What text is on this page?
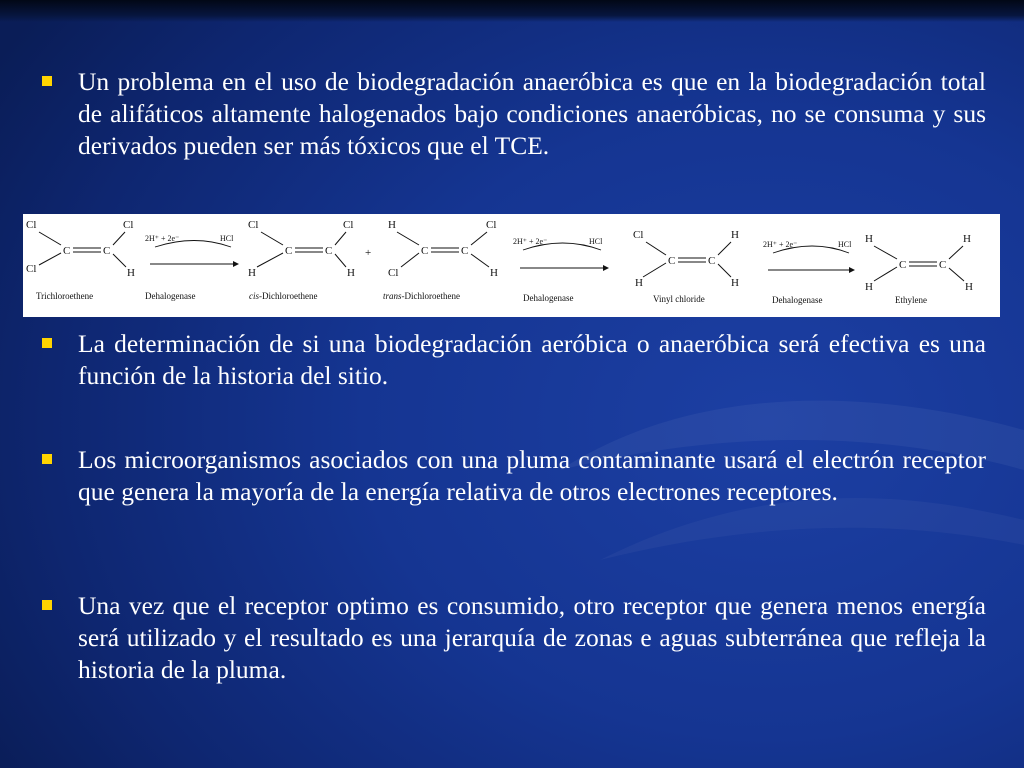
Un problema en el uso de biodegradación anaeróbica es que en la biodegradación total de alifáticos altamente halogenados bajo condiciones anaeróbicas, no se consuma y sus derivados pueden ser más tóxicos que el TCE.
Cl
Cl
Cl
H
C	C
2H⁺ + 2e⁻	HCl
Cl
H
Cl
H
C	C	+
H
Cl
Cl
H
C	C
2H⁺ + 2e⁻	HCl
Cl
H
H
H
C	C
2H⁺ + 2e⁻	HCl H
H
H
H
C	C
Trichloroethene	Dehalogenase	cis-Dichloroethene	trans-Dichloroethene	Dehalogenase	Vinyl chloride	Dehalogenase	Ethylene
La determinación de si una biodegradación aeróbica o anaeróbica será efectiva es una función de la historia del sitio.
Los microorganismos asociados con una pluma contaminante usará el electrón receptor que genera la mayoría de la energía relativa de otros electrones receptores.
Una vez que el receptor optimo es consumido, otro receptor que genera menos energía será utilizado y el resultado es una jerarquía de zonas e aguas subterránea que refleja la historia de la pluma.
